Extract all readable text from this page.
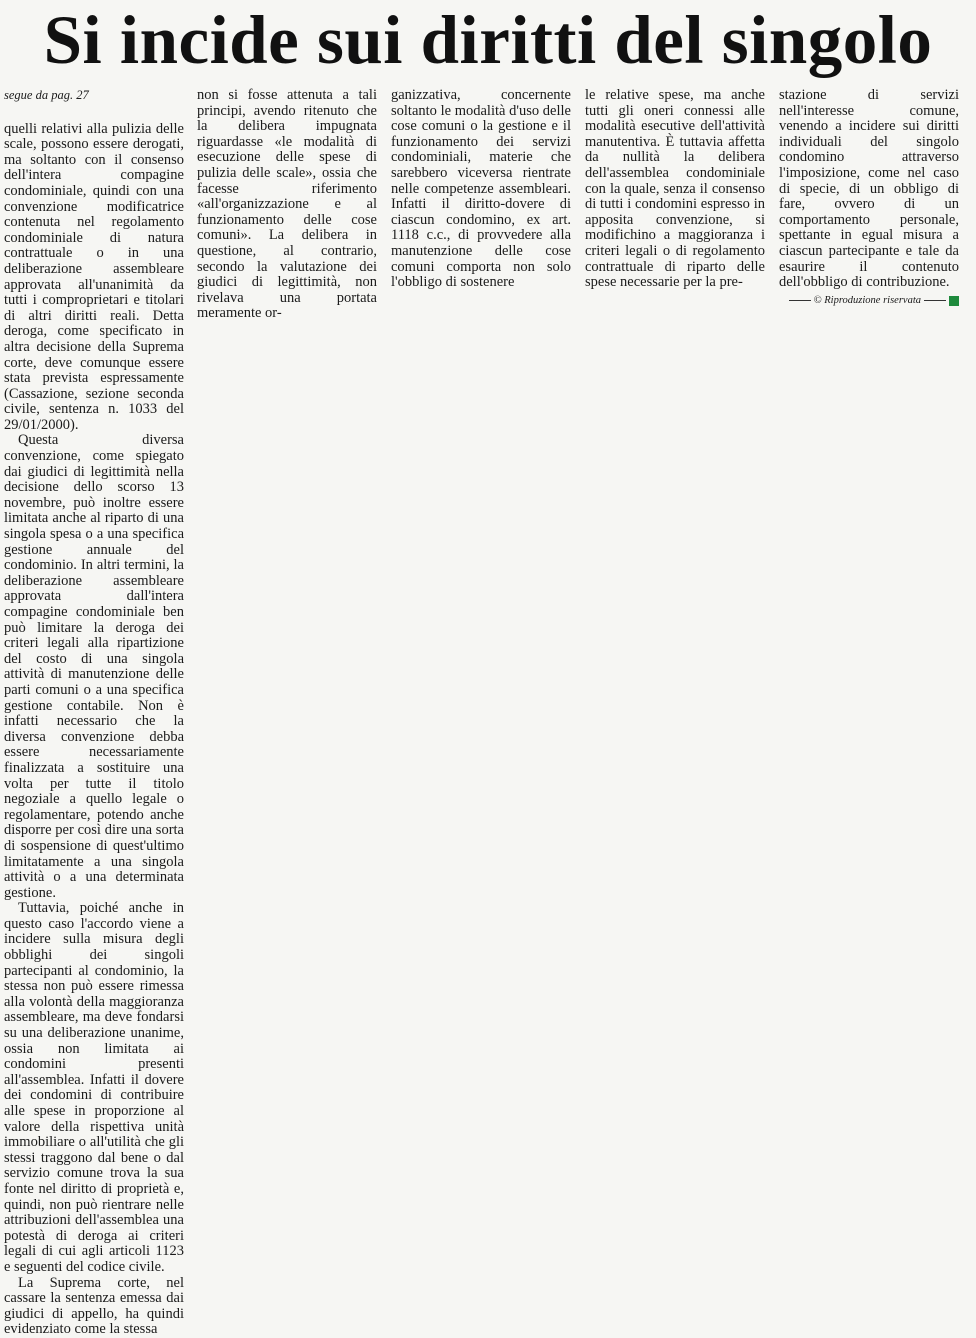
Si incide sui diritti del singolo

segue da pag. 27

quelli relativi alla pulizia delle scale, possono essere derogati, ma soltanto con il consenso dell'intera compagine condominiale, quindi con una convenzione modificatrice contenuta nel regolamento condominiale di natura contrattuale o in una deliberazione assembleare approvata all'unanimità da tutti i comproprietari e titolari di altri diritti reali. Detta deroga, come specificato in altra decisione della Suprema corte, deve comunque essere stata prevista espressamente (Cassazione, sezione seconda civile, sentenza n. 1033 del 29/01/2000).

Questa diversa convenzione, come spiegato dai giudici di legittimità nella decisione dello scorso 13 novembre, può inoltre essere limitata anche al riparto di una singola spesa o a una specifica gestione annuale del condominio. In altri termini, la deliberazione assembleare approvata dall'intera compagine condominiale ben può limitare la deroga dei criteri legali alla ripartizione del costo di una singola attività di manutenzione delle parti comuni o a una specifica gestione contabile. Non è infatti necessario che la diversa convenzione debba essere necessariamente finalizzata a sostituire una volta per tutte il titolo negoziale a quello legale o regolamentare, potendo anche disporre per così dire una sorta di sospensione di quest'ultimo limitatamente a una singola attività o a una determinata gestione.

Tuttavia, poiché anche in questo caso l'accordo viene a incidere sulla misura degli obblighi dei singoli partecipanti al condominio, la stessa non può essere rimessa alla volontà della maggioranza assembleare, ma deve fondarsi su una deliberazione unanime, ossia non limitata ai condomini presenti all'assemblea. Infatti il dovere dei condomini di contribuire alle spese in proporzione al valore della rispettiva unità immobiliare o all'utilità che gli stessi traggono dal bene o dal servizio comune trova la sua fonte nel diritto di proprietà e, quindi, non può rientrare nelle attribuzioni dell'assemblea una potestà di deroga ai criteri legali di cui agli articoli 1123 e seguenti del codice civile.

La Suprema corte, nel cassare la sentenza emessa dai giudici di appello, ha quindi evidenziato come la stessa

non si fosse attenuta a tali principi, avendo ritenuto che la delibera impugnata riguardasse «le modalità di esecuzione delle spese di pulizia delle scale», ossia che facesse riferimento «all'organizzazione e al funzionamento delle cose comuni». La delibera in questione, al contrario, secondo la valutazione dei giudici di legittimità, non rivelava una portata meramente or-

ganizzativa, concernente soltanto le modalità d'uso delle cose comuni o la gestione e il funzionamento dei servizi condominiali, materie che sarebbero viceversa rientrate nelle competenze assembleari. Infatti il diritto-dovere di ciascun condomino, ex art. 1118 c.c., di provvedere alla manutenzione delle cose comuni comporta non solo l'obbligo di sostenere

le relative spese, ma anche tutti gli oneri connessi alle modalità esecutive dell'attività manutentiva. È tuttavia affetta da nullità la delibera dell'assemblea condominiale con la quale, senza il consenso di tutti i condomini espresso in apposita convenzione, si modifichino a maggioranza i criteri legali o di regolamento contrattuale di riparto delle spese necessarie per la pre-

stazione di servizi nell'interesse comune, venendo a incidere sui diritti individuali del singolo condomino attraverso l'imposizione, come nel caso di specie, di un obbligo di fare, ovvero di un comportamento personale, spettante in egual misura a ciascun partecipante e tale da esaurire il contenuto dell'obbligo di contribuzione.

© Riproduzione riservata
